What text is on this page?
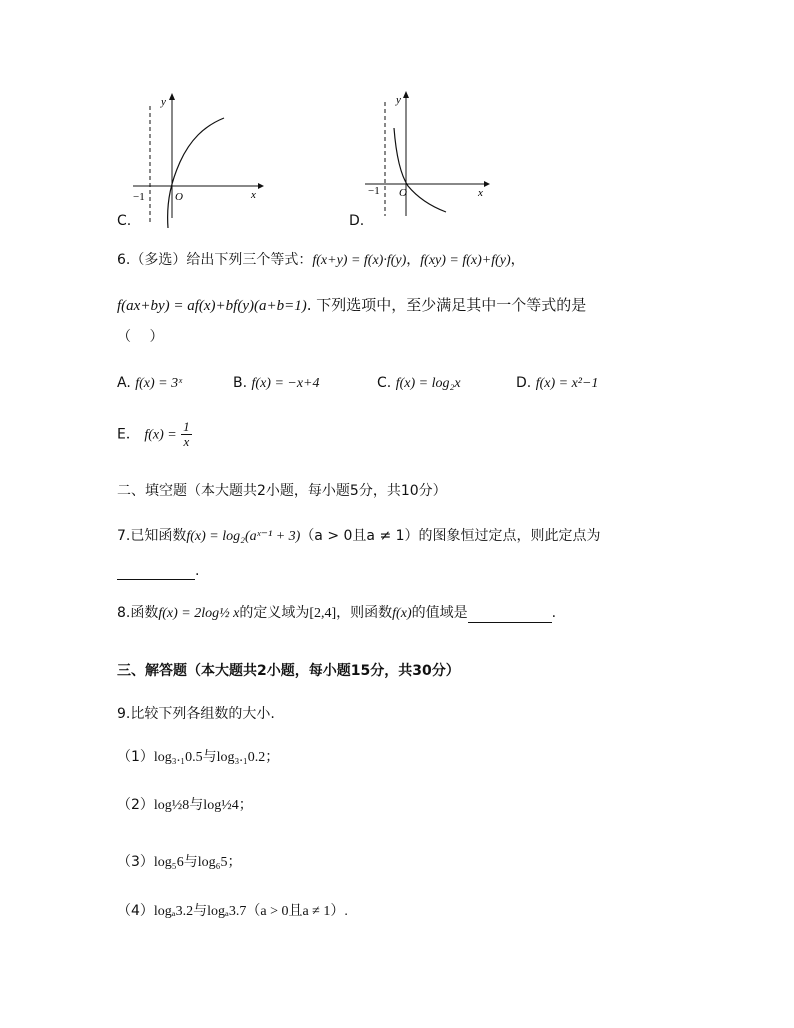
y
x
O
−1
C.
y
x
O
−1
D.
6.（多选）给出下列三个等式：f(x+y) = f(x)·f(y)，f(xy) = f(x)+f(y)，
f(ax+by) = af(x)+bf(y)(a+b=1). 下列选项中，至少满足其中一个等式的是
（　 ）
A. f(x) = 3ˣ	B. f(x) = −x+4	C. f(x) = log₂x	D. f(x) = x²−1
E． $f(x) = \frac{1}{x}$
二、填空题（本大题共2小题，每小题5分，共10分）
7.已知函数f(x) = log₂(aˣ⁻¹ + 3)（a > 0且a ≠ 1）的图象恒过定点，则此定点为
.
8.函数f(x) = 2log½ x的定义域为[2,4]，则函数f(x)的值域是	.
三、解答题（本大题共2小题，每小题15分，共30分）
9.比较下列各组数的大小.
（1）log₃.₁0.5与log₃.₁0.2；
（2）log½8与log½4；
（3）log₅6与log₆5；
（4）logₐ3.2与logₐ3.7（a > 0且a ≠ 1）.
